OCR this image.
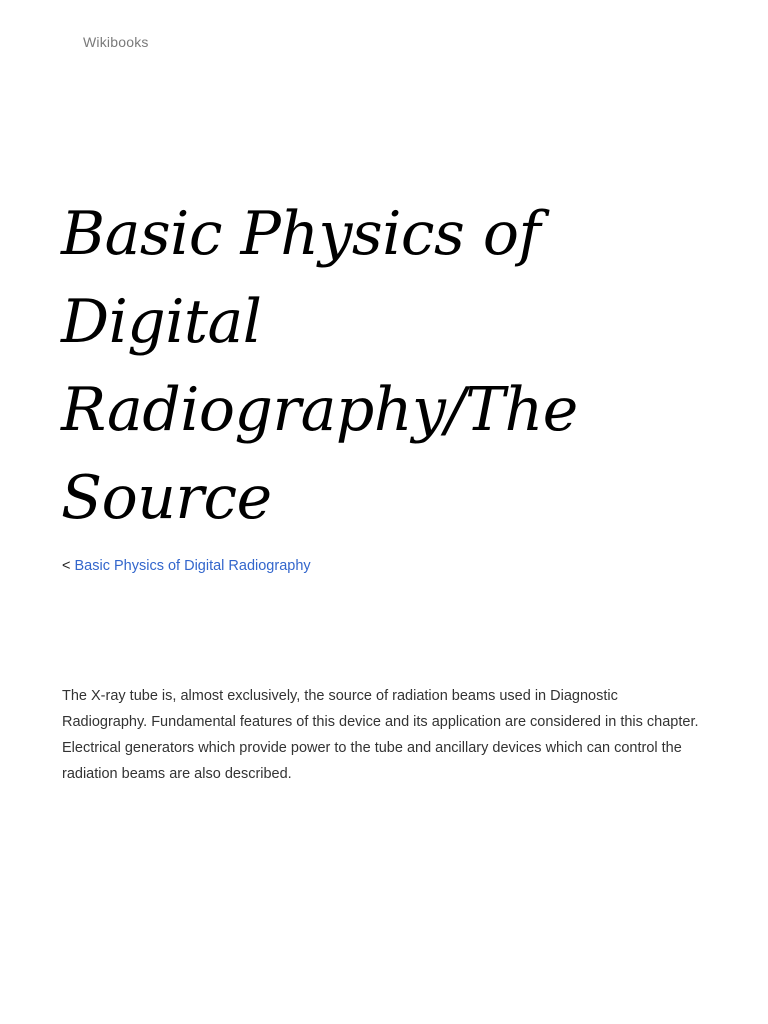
Wikibooks
Basic Physics of Digital Radiography/The Source
< Basic Physics of Digital Radiography

The X-ray tube is, almost exclusively, the source of radiation beams used in Diagnostic Radiography. Fundamental features of this device and its application are considered in this chapter. Electrical generators which provide power to the tube and ancillary devices which can control the radiation beams are also described.
